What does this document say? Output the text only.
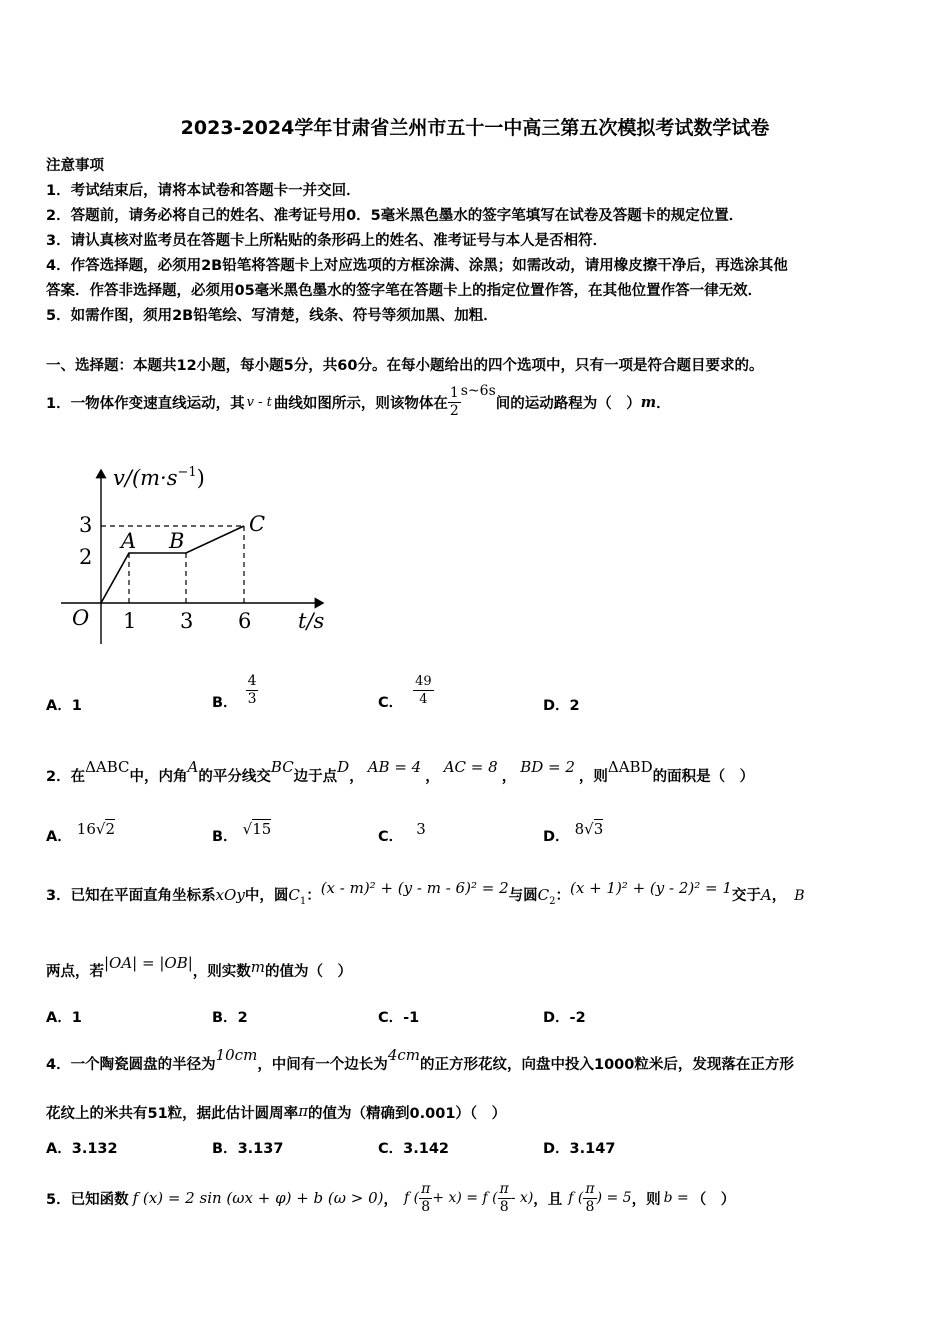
2023-2024学年甘肃省兰州市五十一中高三第五次模拟考试数学试卷
注意事项
1．考试结束后，请将本试卷和答题卡一并交回．
2．答题前，请务必将自己的姓名、准考证号用0．5毫米黑色墨水的签字笔填写在试卷及答题卡的规定位置．
3．请认真核对监考员在答题卡上所粘贴的条形码上的姓名、准考证号与本人是否相符．
4．作答选择题，必须用2B铅笔将答题卡上对应选项的方框涂满、涂黑；如需改动，请用橡皮擦干净后，再选涂其他
答案．作答非选择题，必须用05毫米黑色墨水的签字笔在答题卡上的指定位置作答，在其他位置作答一律无效．
5．如需作图，须用2B铅笔绘、写清楚，线条、符号等须加黑、加粗．
一、选择题：本题共12小题，每小题5分，共60分。在每小题给出的四个选项中，只有一项是符合题目要求的。
1．一物体作变速直线运动，其 v - t 曲线如图所示，则该物体在 $\frac{1}{2}$ s~6s
间的运动路程为（　） m ．
$v/(m\cdot s^{-1})$
3
2
O 1 3 6 t/s
A B
C
A．1	B． $\frac{4}{3}$	C． $\frac{49}{4}$	D．2
2．在ΔABC中，内角A的平分线交BC边于点D，AB = 4，AC = 8，BD = 2，则ΔABD的面积是（　）
A． 16√2	B． √15	C． 3	D． 8√3
3．已知在平面直角坐标系xOy中，圆$C_1$：(x - m)² + (y - m - 6)² = 2与圆$C_2$：(x + 1)² + (y - 2)² = 1交于A， B
两点，若|OA| = |OB|，则实数m的值为（　）
A．1	B．2	C．-1	D．-2
4．一个陶瓷圆盘的半径为10cm，中间有一个边长为4cm的正方形花纹，向盘中投入1000粒米后，发现落在正方形
花纹上的米共有51粒，据此估计圆周率π的值为（精确到0.001）（　）
A．3.132	B．3.137	C．3.142	D．3.147
5．已知函数 f (x) = 2 sin (ωx + φ) + b (ω > 0) ， f ( $\frac{\pi}{8} + x) = f$ ( $\frac{\pi}{8} - x$) ，且 f ( $\frac{\pi}{8}$ ) = 5 ，则 b = （　）
